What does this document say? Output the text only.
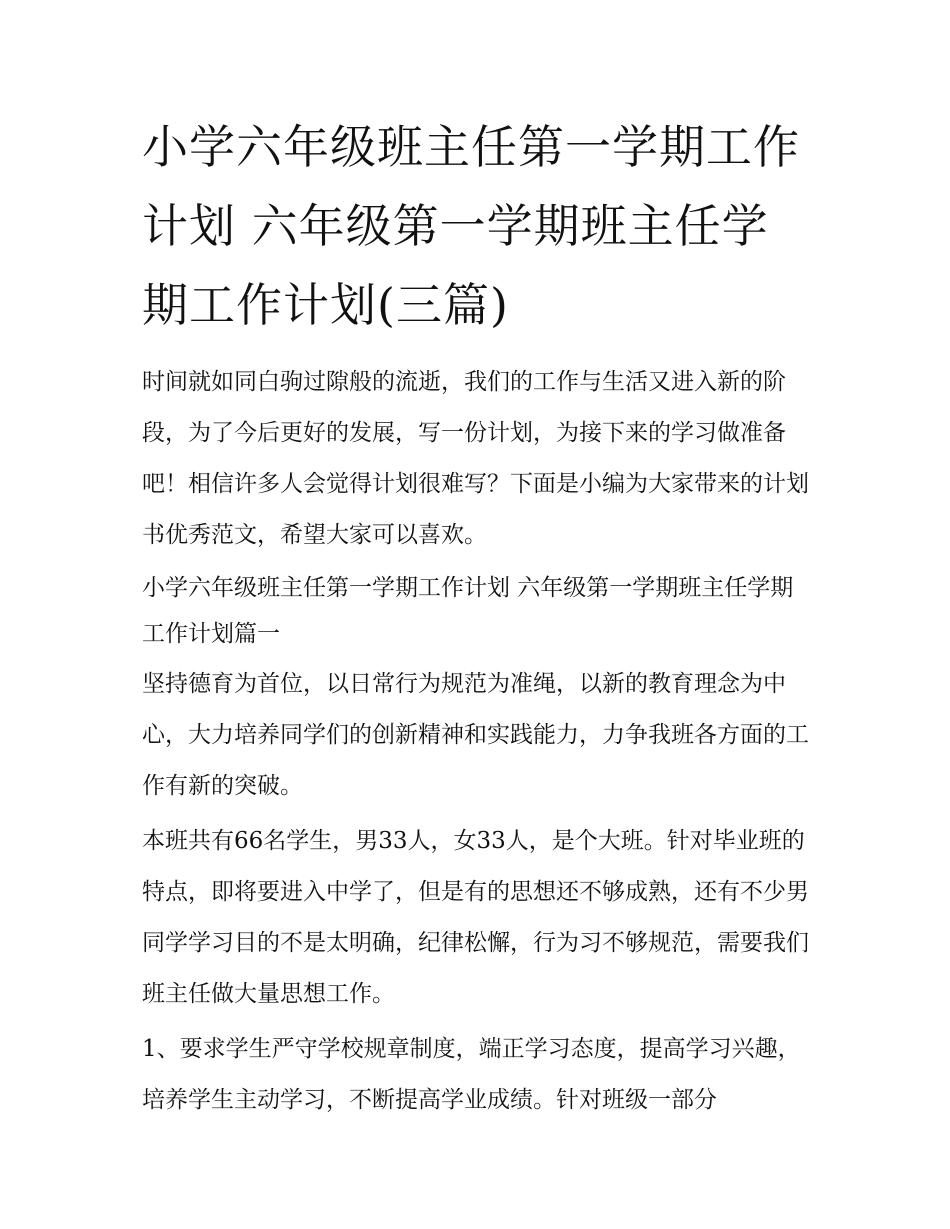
小学六年级班主任第一学期工作计划 六年级第一学期班主任学期工作计划(三篇)

时间就如同白驹过隙般的流逝，我们的工作与生活又进入新的阶段，为了今后更好的发展，写一份计划，为接下来的学习做准备吧！相信许多人会觉得计划很难写？下面是小编为大家带来的计划书优秀范文，希望大家可以喜欢。

小学六年级班主任第一学期工作计划 六年级第一学期班主任学期工作计划篇一

坚持德育为首位，以日常行为规范为准绳，以新的教育理念为中心，大力培养同学们的创新精神和实践能力，力争我班各方面的工作有新的突破。

本班共有66名学生，男33人，女33人，是个大班。针对毕业班的特点，即将要进入中学了，但是有的思想还不够成熟，还有不少男同学学习目的不是太明确，纪律松懈，行为习不够规范，需要我们班主任做大量思想工作。

1、要求学生严守学校规章制度，端正学习态度，提高学习兴趣，培养学生主动学习，不断提高学业成绩。针对班级一部分
